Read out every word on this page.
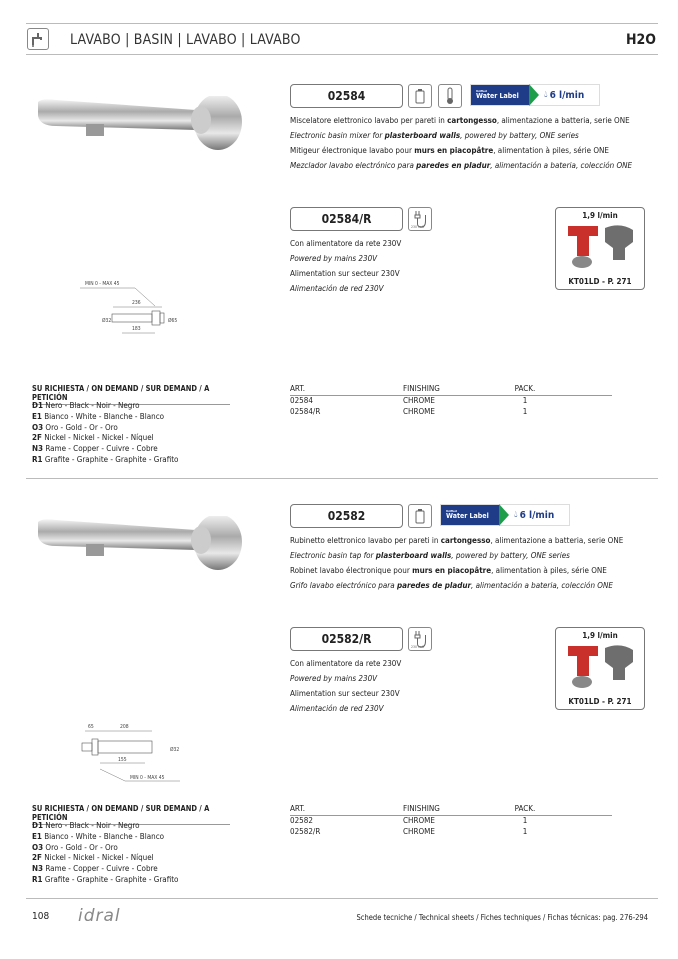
LAVABO | BASIN | LAVABO | LAVABO	H2O
02584	Unified
Water Label	💧︎ 6 l/min

Miscelatore elettronico lavabo per pareti in cartongesso, alimentazione a batteria, serie ONE

Electronic basin mixer for plasterboard walls, powered by battery, ONE series

Mitigeur électronique lavabo pour murs en piacopâtre, alimentation à piles, série ONE

Mezclador lavabo electrónico para paredes en pladur, alimentación a bateria, colección ONE

02584/R
230 volt

Con alimentatore da rete 230V

Powered by mains 230V

Alimentation sur secteur 230V

Alimentación de red 230V

1,9 l/min
KT01LD - P. 271
MIN 0 - MAX 45
236
Ø32	Ø65
183
SU RICHIESTA / ON DEMAND / SUR DEMAND / A PETICIÓN
D1 Nero - Black - Noir - Negro
E1 Bianco - White - Blanche - Blanco
O3 Oro - Gold - Or - Oro
2F Nickel - Nickel - Nickel - Níquel
N3 Rame - Copper - Cuivre - Cobre
R1 Grafite - Graphite - Graphite - Grafito
ART.	FINISHING	PACK.
02584	CHROME	1
02584/R	CHROME	1
02582	Unified
Water Label	💧︎ 6 l/min

Rubinetto elettronico lavabo per pareti in cartongesso, alimentazione a batteria, serie ONE

Electronic basin tap for plasterboard walls, powered by battery, ONE series

Robinet lavabo électronique pour murs en piacopâtre, alimentation à piles, série ONE

Grifo lavabo electrónico para paredes de pladur, alimentación a bateria, colección ONE

02582/R
230 volt

Con alimentatore da rete 230V

Powered by mains 230V

Alimentation sur secteur 230V

Alimentación de red 230V

1,9 l/min
KT01LD - P. 271
65	208
Ø32
155
MIN 0 - MAX 45
SU RICHIESTA / ON DEMAND / SUR DEMAND / A PETICIÓN
D1 Nero - Black - Noir - Negro
E1 Bianco - White - Blanche - Blanco
O3 Oro - Gold - Or - Oro
2F Nickel - Nickel - Nickel - Níquel
N3 Rame - Copper - Cuivre - Cobre
R1 Grafite - Graphite - Graphite - Grafito
ART.	FINISHING	PACK.
02582	CHROME	1
02582/R	CHROME	1
108 idral	Schede tecniche / Technical sheets / Fiches techniques / Fichas técnicas: pag. 276-294
